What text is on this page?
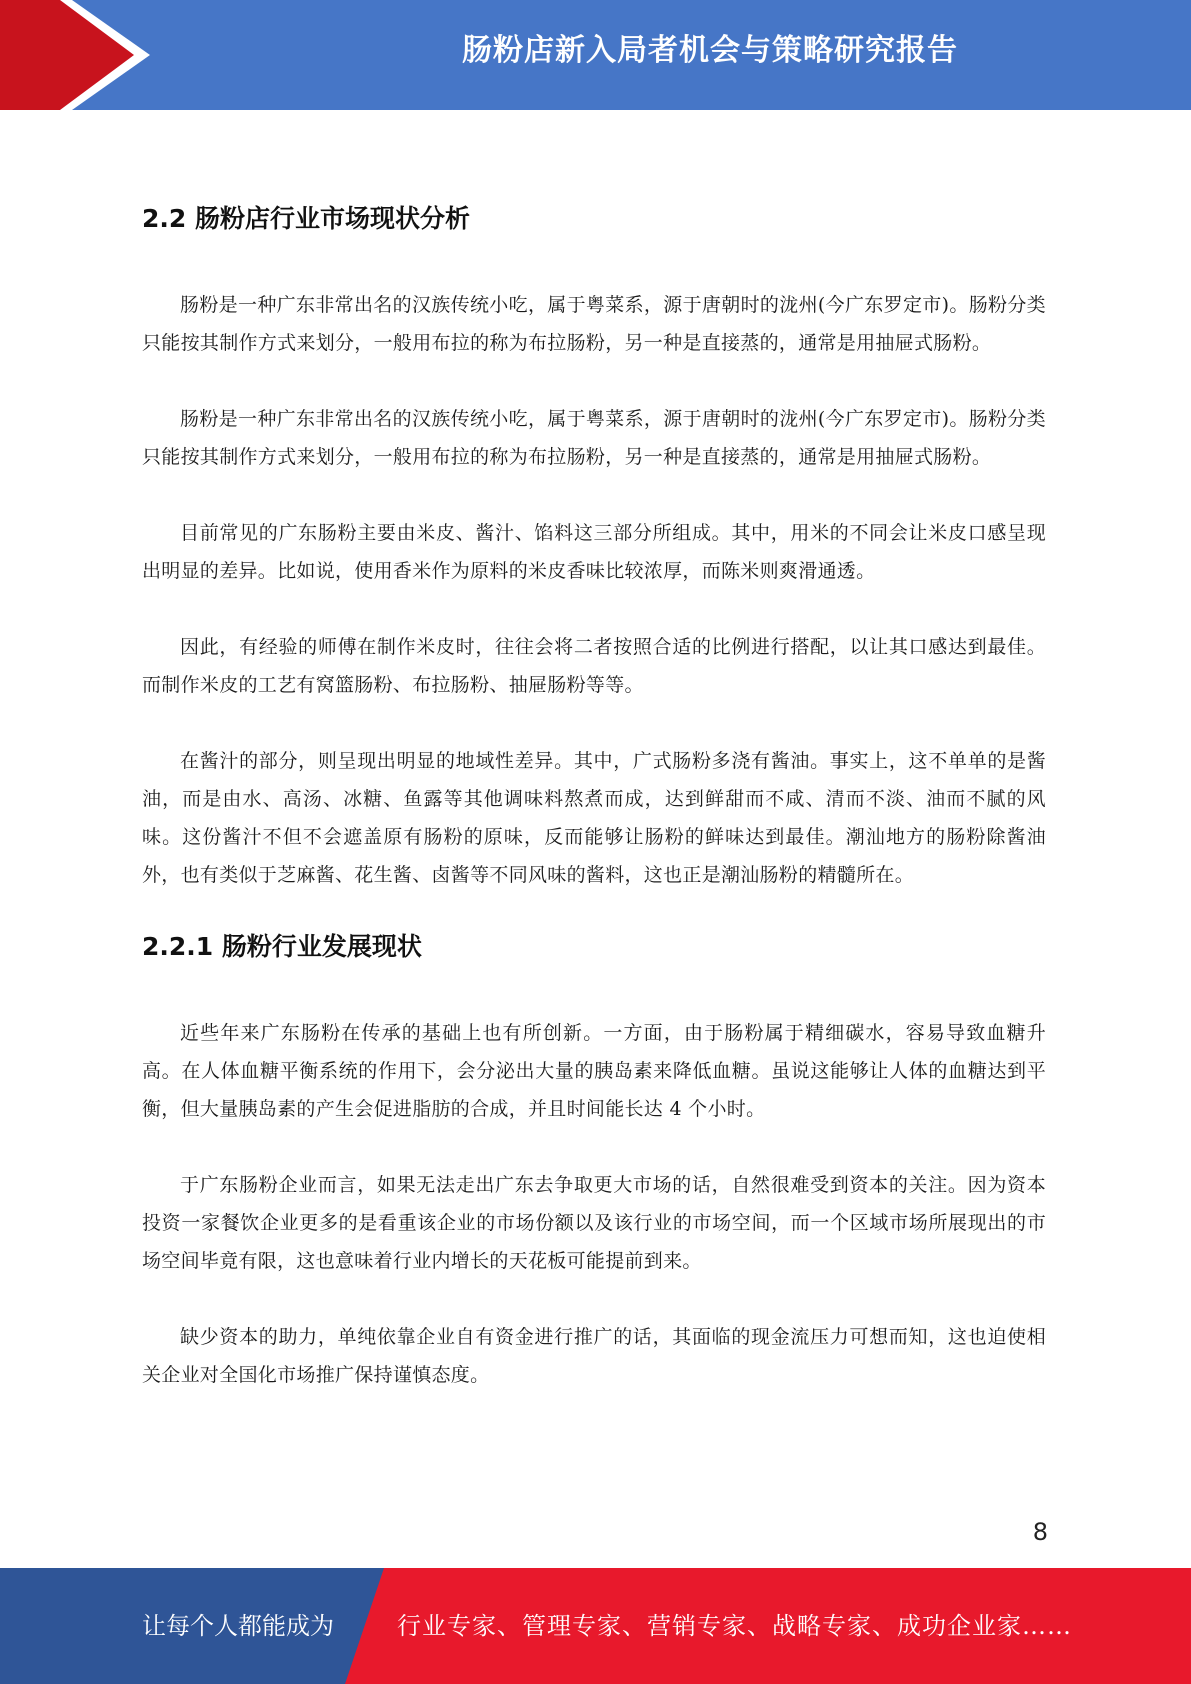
肠粉店新入局者机会与策略研究报告
2.2 肠粉店行业市场现状分析

肠粉是一种广东非常出名的汉族传统小吃，属于粤菜系，源于唐朝时的泷州(今广东罗定市)。肠粉分类只能按其制作方式来划分，一般用布拉的称为布拉肠粉，另一种是直接蒸的，通常是用抽屉式肠粉。

肠粉是一种广东非常出名的汉族传统小吃，属于粤菜系，源于唐朝时的泷州(今广东罗定市)。肠粉分类只能按其制作方式来划分，一般用布拉的称为布拉肠粉，另一种是直接蒸的，通常是用抽屉式肠粉。

目前常见的广东肠粉主要由米皮、酱汁、馅料这三部分所组成。其中，用米的不同会让米皮口感呈现出明显的差异。比如说，使用香米作为原料的米皮香味比较浓厚，而陈米则爽滑通透。

因此，有经验的师傅在制作米皮时，往往会将二者按照合适的比例进行搭配，以让其口感达到最佳。而制作米皮的工艺有窝篮肠粉、布拉肠粉、抽屉肠粉等等。

在酱汁的部分，则呈现出明显的地域性差异。其中，广式肠粉多浇有酱油。事实上，这不单单的是酱油，而是由水、高汤、冰糖、鱼露等其他调味料熬煮而成，达到鲜甜而不咸、清而不淡、油而不腻的风味。这份酱汁不但不会遮盖原有肠粉的原味，反而能够让肠粉的鲜味达到最佳。潮汕地方的肠粉除酱油外，也有类似于芝麻酱、花生酱、卤酱等不同风味的酱料，这也正是潮汕肠粉的精髓所在。

2.2.1 肠粉行业发展现状

近些年来广东肠粉在传承的基础上也有所创新。一方面，由于肠粉属于精细碳水，容易导致血糖升高。在人体血糖平衡系统的作用下，会分泌出大量的胰岛素来降低血糖。虽说这能够让人体的血糖达到平衡，但大量胰岛素的产生会促进脂肪的合成，并且时间能长达 4 个小时。

于广东肠粉企业而言，如果无法走出广东去争取更大市场的话，自然很难受到资本的关注。因为资本投资一家餐饮企业更多的是看重该企业的市场份额以及该行业的市场空间，而一个区域市场所展现出的市场空间毕竟有限，这也意味着行业内增长的天花板可能提前到来。

缺少资本的助力，单纯依靠企业自有资金进行推广的话，其面临的现金流压力可想而知，这也迫使相关企业对全国化市场推广保持谨慎态度。

8
让每个人都能成为	行业专家、管理专家、营销专家、战略专家、成功企业家……
